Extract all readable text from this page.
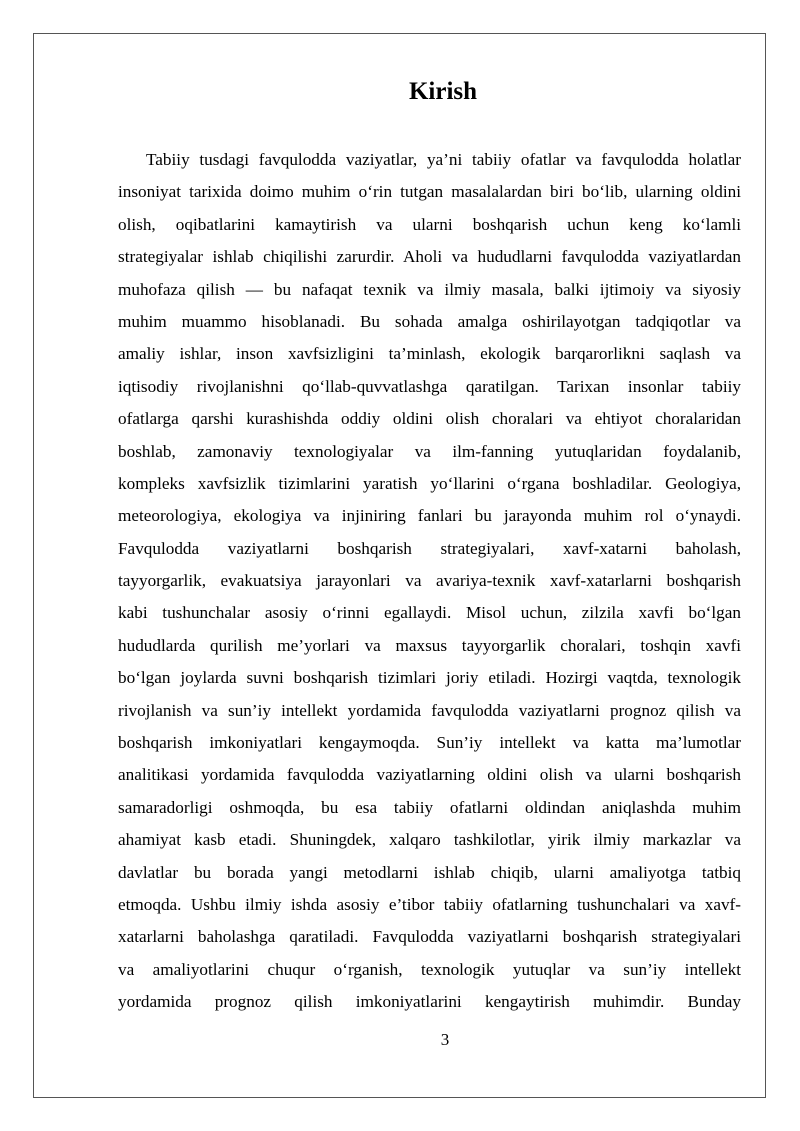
Kirish
Tabiiy tusdagi favqulodda vaziyatlar, ya’ni tabiiy ofatlar va favqulodda holatlar
insoniyat tarixida doimo muhim o‘rin tutgan masalalardan biri bo‘lib, ularning oldini
olish, oqibatlarini kamaytirish va ularni boshqarish uchun keng ko‘lamli
strategiyalar ishlab chiqilishi zarurdir. Aholi va hududlarni favqulodda vaziyatlardan
muhofaza qilish — bu nafaqat texnik va ilmiy masala, balki ijtimoiy va siyosiy
muhim muammo hisoblanadi. Bu sohada amalga oshirilayotgan tadqiqotlar va
amaliy ishlar, inson xavfsizligini ta’minlash, ekologik barqarorlikni saqlash va
iqtisodiy rivojlanishni qo‘llab-quvvatlashga qaratilgan. Tarixan insonlar tabiiy
ofatlarga qarshi kurashishda oddiy oldini olish choralari va ehtiyot choralaridan
boshlab, zamonaviy texnologiyalar va ilm-fanning yutuqlaridan foydalanib,
kompleks xavfsizlik tizimlarini yaratish yo‘llarini o‘rgana boshladilar. Geologiya,
meteorologiya, ekologiya va injiniring fanlari bu jarayonda muhim rol o‘ynaydi.
Favqulodda vaziyatlarni boshqarish strategiyalari, xavf-xatarni baholash,
tayyorgarlik, evakuatsiya jarayonlari va avariya-texnik xavf-xatarlarni boshqarish
kabi tushunchalar asosiy o‘rinni egallaydi. Misol uchun, zilzila xavfi bo‘lgan
hududlarda qurilish me’yorlari va maxsus tayyorgarlik choralari, toshqin xavfi
bo‘lgan joylarda suvni boshqarish tizimlari joriy etiladi. Hozirgi vaqtda, texnologik
rivojlanish va sun’iy intellekt yordamida favqulodda vaziyatlarni prognoz qilish va
boshqarish imkoniyatlari kengaymoqda. Sun’iy intellekt va katta ma’lumotlar
analitikasi yordamida favqulodda vaziyatlarning oldini olish va ularni boshqarish
samaradorligi oshmoqda, bu esa tabiiy ofatlarni oldindan aniqlashda muhim
ahamiyat kasb etadi. Shuningdek, xalqaro tashkilotlar, yirik ilmiy markazlar va
davlatlar bu borada yangi metodlarni ishlab chiqib, ularni amaliyotga tatbiq
etmoqda. Ushbu ilmiy ishda asosiy e’tibor tabiiy ofatlarning tushunchalari va xavf-
xatarlarni baholashga qaratiladi. Favqulodda vaziyatlarni boshqarish strategiyalari
va amaliyotlarini chuqur o‘rganish, texnologik yutuqlar va sun’iy intellekt
yordamida prognoz qilish imkoniyatlarini kengaytirish muhimdir. Bunday
3
